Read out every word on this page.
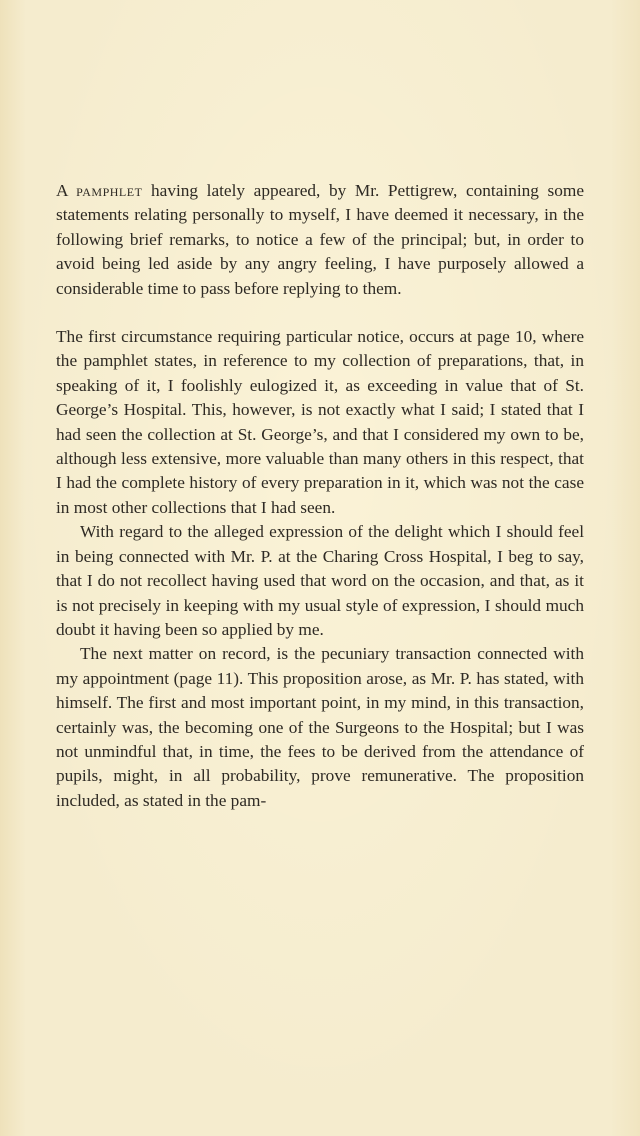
A pamphlet having lately appeared, by Mr. Pettigrew, containing some statements relating personally to myself, I have deemed it necessary, in the following brief remarks, to notice a few of the principal; but, in order to avoid being led aside by any angry feeling, I have purposely allowed a considerable time to pass before replying to them.

The first circumstance requiring particular notice, occurs at page 10, where the pamphlet states, in reference to my collection of preparations, that, in speaking of it, I foolishly eulogized it, as exceeding in value that of St. George’s Hospital. This, however, is not exactly what I said; I stated that I had seen the collection at St. George’s, and that I considered my own to be, although less extensive, more valuable than many others in this respect, that I had the complete history of every preparation in it, which was not the case in most other collections that I had seen.

With regard to the alleged expression of the delight which I should feel in being connected with Mr. P. at the Charing Cross Hospital, I beg to say, that I do not recollect having used that word on the occasion, and that, as it is not precisely in keeping with my usual style of expression, I should much doubt it having been so applied by me.

The next matter on record, is the pecuniary transaction connected with my appointment (page 11). This proposition arose, as Mr. P. has stated, with himself. The first and most important point, in my mind, in this transaction, certainly was, the becoming one of the Surgeons to the Hospital; but I was not unmindful that, in time, the fees to be derived from the attendance of pupils, might, in all probability, prove remunerative. The proposition included, as stated in the pam-
